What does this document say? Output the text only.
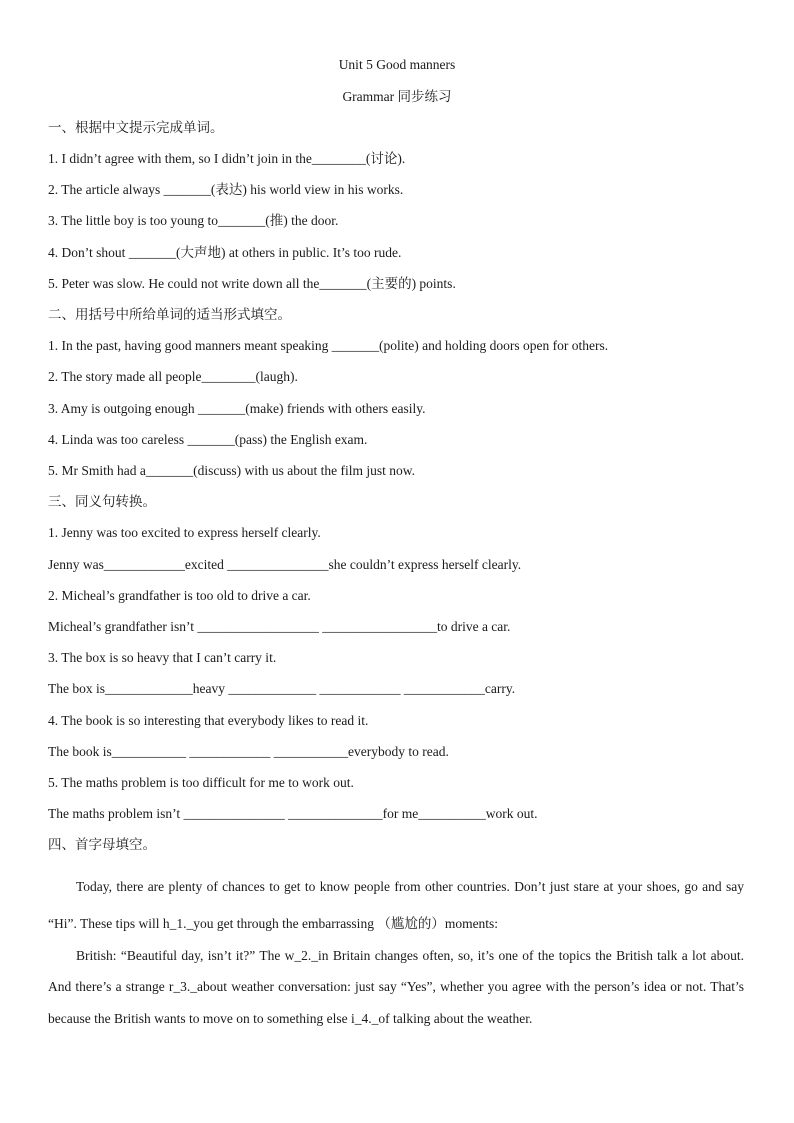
Unit 5 Good manners
Grammar 同步练习
一、根据中文提示完成单词。
1. I didn’t agree with them, so I didn’t join in the________(讨论).
2. The article always _______(表达) his world view in his works.
3. The little boy is too young to_______(推) the door.
4. Don’t shout _______(大声地) at others in public. It’s too rude.
5. Peter was slow. He could not write down all the_______(主要的) points.
二、用括号中所给单词的适当形式填空。
1. In the past, having good manners meant speaking _______(polite) and holding doors open for others.
2. The story made all people________(laugh).
3. Amy is outgoing enough _______(make) friends with others easily.
4. Linda was too careless _______(pass) the English exam.
5. Mr Smith had a_______(discuss) with us about the film just now.
三、同义句转换。
1. Jenny was too excited to express herself clearly.
Jenny was____________excited _______________she couldn’t express herself clearly.
2. Micheal’s grandfather is too old to drive a car.
Micheal’s grandfather isn’t __________________ _________________to drive a car.
3. The box is so heavy that I can’t carry it.
The box is_____________heavy _____________ ____________ ____________carry.
4. The book is so interesting that everybody likes to read it.
The book is___________ ____________ ___________everybody to read.
5. The maths problem is too difficult for me to work out.
The maths problem isn’t _______________ ______________for me__________work out.
四、首字母填空。
Today, there are plenty of chances to get to know people from other countries. Don’t just stare at your shoes, go and say “Hi”. These tips will h_1._you get through the embarrassing （尴尬的）moments:
British: “Beautiful day, isn’t it?” The w_2._in Britain changes often, so, it’s one of the topics the British talk a lot about. And there’s a strange r_3._about weather conversation: just say “Yes”, whether you agree with the person’s idea or not. That’s because the British wants to move on to something else i_4._of talking about the weather.
